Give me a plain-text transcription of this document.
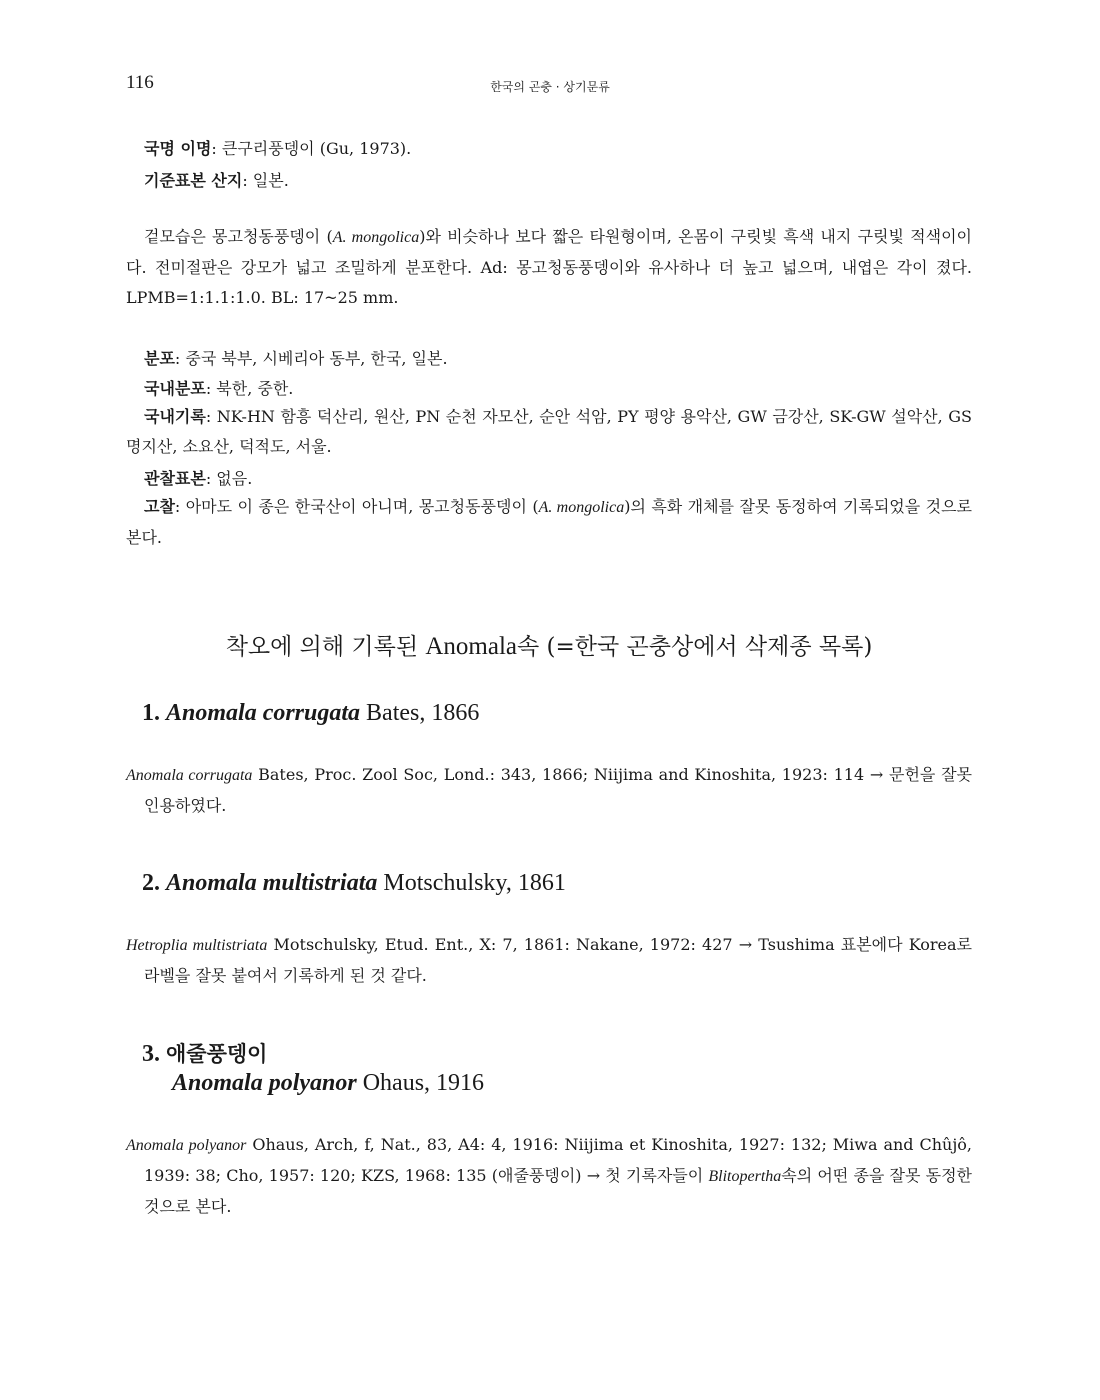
116	한국의 곤충 · 상기문류
국명 이명: 큰구리풍뎅이 (Gu, 1973).
기준표본 산지: 일본.
겉모습은 몽고청동풍뎅이 (A. mongolica)와 비슷하나 보다 짧은 타원형이며, 온몸이 구릿빛 흑색 내지 구릿빛 적색이이다. 전미절판은 강모가 넓고 조밀하게 분포한다. Ad: 몽고청동풍뎅이와 유사하나 더 높고 넓으며, 내엽은 각이 졌다. LPMB=1:1.1:1.0. BL: 17~25 mm.
분포: 중국 북부, 시베리아 동부, 한국, 일본.
국내분포: 북한, 중한.
국내기록: NK-HN 함흥 덕산리, 원산, PN 순천 자모산, 순안 석암, PY 평양 용악산, GW 금강산, SK-GW 설악산, GS 명지산, 소요산, 덕적도, 서울.
관찰표본: 없음.
고찰: 아마도 이 종은 한국산이 아니며, 몽고청동풍뎅이 (A. mongolica)의 흑화 개체를 잘못 동정하여 기록되었을 것으로 본다.
착오에 의해 기록된 Anomala속 (=한국 곤충상에서 삭제종 목록)
1. Anomala corrugata Bates, 1866
Anomala corrugata Bates, Proc. Zool Soc, Lond.: 343, 1866; Niijima and Kinoshita, 1923: 114 → 문헌을 잘못 인용하였다.
2. Anomala multistriata Motschulsky, 1861
Hetroplia multistriata Motschulsky, Etud. Ent., X: 7, 1861: Nakane, 1972: 427 → Tsushima 표본에다 Korea로 라벨을 잘못 붙여서 기록하게 된 것 같다.
3. 애줄풍뎅이
Anomala polyanor Ohaus, 1916
Anomala polyanor Ohaus, Arch, f, Nat., 83, A4: 4, 1916: Niijima et Kinoshita, 1927: 132; Miwa and Chûjô, 1939: 38; Cho, 1957: 120; KZS, 1968: 135 (애줄풍뎅이) → 첫 기록자들이 Blitopertha속의 어떤 종을 잘못 동정한 것으로 본다.
